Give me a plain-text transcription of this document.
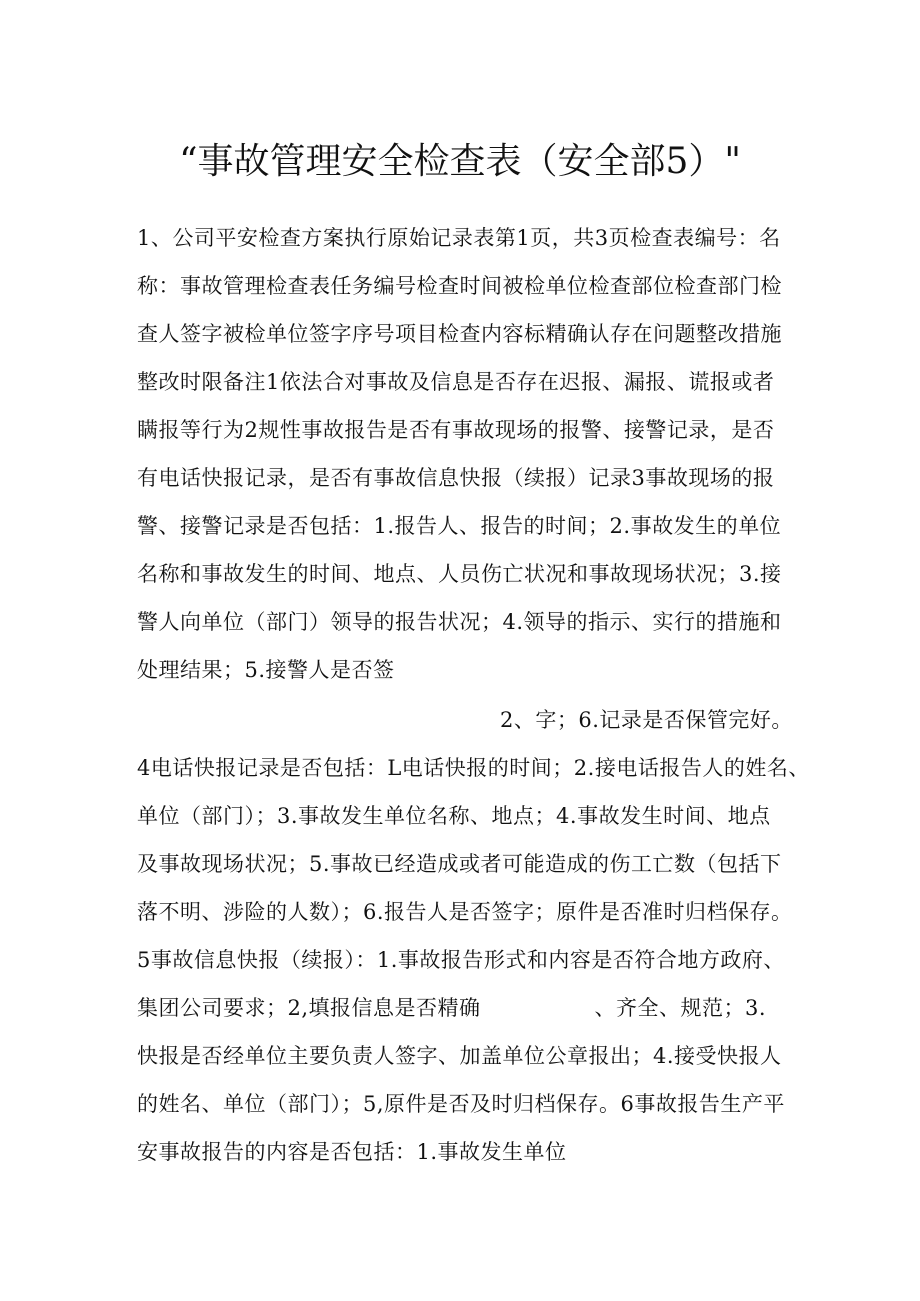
“事故管理安全检查表（安全部5）"
1、公司平安检查方案执行原始记录表第1页，共3页检查表编号：名
称：事故管理检查表任务编号检查时间被检单位检查部位检查部门检
查人签字被检单位签字序号项目检查内容标精确认存在问题整改措施
整改时限备注1依法合对事故及信息是否存在迟报、漏报、谎报或者
瞒报等行为2规性事故报告是否有事故现场的报警、接警记录，是否
有电话快报记录，是否有事故信息快报（续报）记录3事故现场的报
警、接警记录是否包括：1.报告人、报告的时间；2.事故发生的单位
名称和事故发生的时间、地点、人员伤亡状况和事故现场状况；3.接
警人向单位（部门）领导的报告状况；4.领导的指示、实行的措施和
处理结果；5.接警人是否签
2、字；6.记录是否保管完好。
4电话快报记录是否包括：L电话快报的时间；2.接电话报告人的姓名、
单位（部门）；3.事故发生单位名称、地点；4.事故发生时间、地点
及事故现场状况；5.事故已经造成或者可能造成的伤工亡数（包括下
落不明、涉险的人数）；6.报告人是否签字；原件是否准时归档保存。
5事故信息快报（续报）：1.事故报告形式和内容是否符合地方政府、
集团公司要求；2,填报信息是否精确	、齐全、规范；3.
快报是否经单位主要负责人签字、加盖单位公章报出；4.接受快报人
的姓名、单位（部门）；5,原件是否及时归档保存。6事故报告生产平
安事故报告的内容是否包括：1.事故发生单位
